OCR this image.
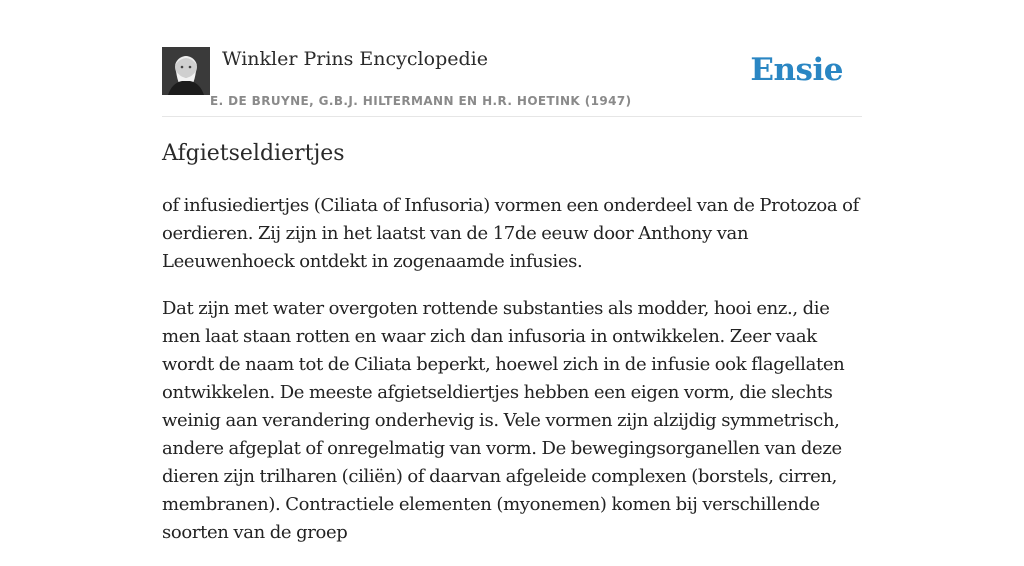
Winkler Prins Encyclopedie
E. DE BRUYNE, G.B.J. HILTERMANN EN H.R. HOETINK (1947)
Ensie
Afgietseldiertjes

of infusiediertjes (Ciliata of Infusoria) vormen een onderdeel van de Protozoa of oerdieren. Zij zijn in het laatst van de 17de eeuw door Anthony van Leeuwenhoeck ontdekt in zogenaamde infusies.

Dat zijn met water overgoten rottende substanties als modder, hooi enz., die men laat staan rotten en waar zich dan infusoria in ontwikkelen. Zeer vaak wordt de naam tot de Ciliata beperkt, hoewel zich in de infusie ook flagellaten ontwikkelen. De meeste afgietseldiertjes hebben een eigen vorm, die slechts weinig aan verandering onderhevig is. Vele vormen zijn alzijdig symmetrisch, andere afgeplat of onregelmatig van vorm. De bewegingsorganellen van deze dieren zijn trilharen (ciliën) of daarvan afgeleide complexen (borstels, cirren, membranen). Contractiele elementen (myonemen) komen bij verschillende soorten van de groep
